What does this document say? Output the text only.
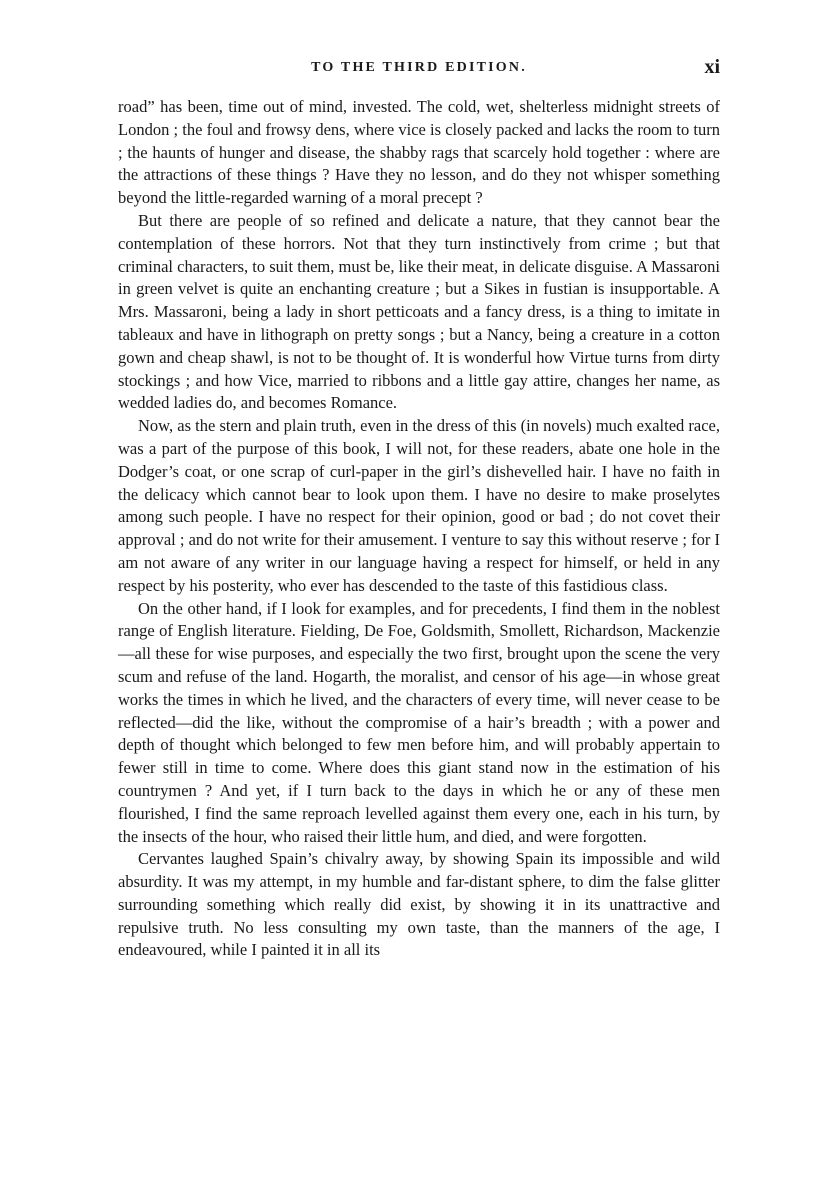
TO THE THIRD EDITION.	xi

road” has been, time out of mind, invested. The cold, wet, shelterless midnight streets of London ; the foul and frowsy dens, where vice is closely packed and lacks the room to turn ; the haunts of hunger and disease, the shabby rags that scarcely hold together : where are the attractions of these things ? Have they no lesson, and do they not whisper something beyond the little-regarded warning of a moral precept ?

But there are people of so refined and delicate a nature, that they cannot bear the contemplation of these horrors. Not that they turn instinctively from crime ; but that criminal characters, to suit them, must be, like their meat, in delicate disguise. A Massaroni in green velvet is quite an enchanting creature ; but a Sikes in fustian is insupportable. A Mrs. Massaroni, being a lady in short petticoats and a fancy dress, is a thing to imitate in tableaux and have in lithograph on pretty songs ; but a Nancy, being a creature in a cotton gown and cheap shawl, is not to be thought of. It is wonderful how Virtue turns from dirty stockings ; and how Vice, married to ribbons and a little gay attire, changes her name, as wedded ladies do, and becomes Romance.

Now, as the stern and plain truth, even in the dress of this (in novels) much exalted race, was a part of the purpose of this book, I will not, for these readers, abate one hole in the Dodger’s coat, or one scrap of curl-paper in the girl’s dishevelled hair. I have no faith in the delicacy which cannot bear to look upon them. I have no desire to make proselytes among such people. I have no respect for their opinion, good or bad ; do not covet their approval ; and do not write for their amusement. I venture to say this without reserve ; for I am not aware of any writer in our language having a respect for himself, or held in any respect by his posterity, who ever has descended to the taste of this fastidious class.

On the other hand, if I look for examples, and for precedents, I find them in the noblest range of English literature. Fielding, De Foe, Goldsmith, Smollett, Richardson, Mackenzie—all these for wise purposes, and especially the two first, brought upon the scene the very scum and refuse of the land. Hogarth, the moralist, and censor of his age—in whose great works the times in which he lived, and the characters of every time, will never cease to be reflected—did the like, without the compromise of a hair’s breadth ; with a power and depth of thought which belonged to few men before him, and will probably appertain to fewer still in time to come. Where does this giant stand now in the estimation of his countrymen ? And yet, if I turn back to the days in which he or any of these men flourished, I find the same reproach levelled against them every one, each in his turn, by the insects of the hour, who raised their little hum, and died, and were forgotten.

Cervantes laughed Spain’s chivalry away, by showing Spain its impossible and wild absurdity. It was my attempt, in my humble and far-distant sphere, to dim the false glitter surrounding something which really did exist, by showing it in its unattractive and repulsive truth. No less consulting my own taste, than the manners of the age, I endeavoured, while I painted it in all its
